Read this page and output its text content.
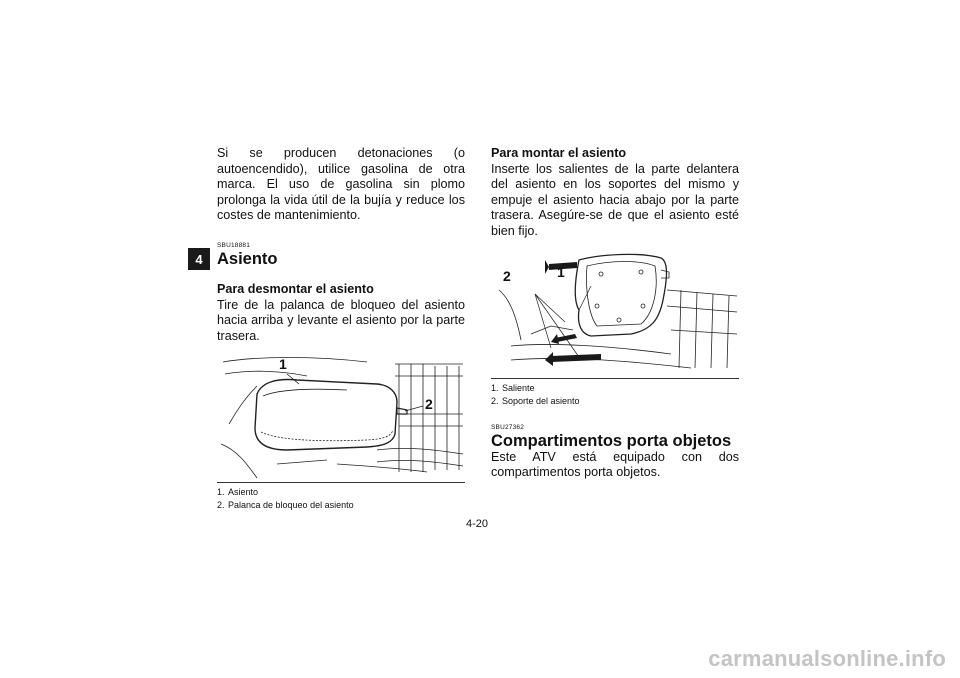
4

Si se producen detonaciones (o autoencendido), utilice gasolina de otra marca. El uso de gasolina sin plomo prolonga la vida útil de la bujía y reduce los costes de mantenimiento.

SBU18881

Asiento
Para desmontar el asiento

Tire de la palanca de bloqueo del asiento hacia arriba y levante el asiento por la parte trasera.

1
2

1. Asiento

2. Palanca de bloqueo del asiento

Para montar el asiento

Inserte los salientes de la parte delantera del asiento en los soportes del mismo y empuje el asiento hacia abajo por la parte trasera. Asegúre-se de que el asiento esté bien fijo.

2	1

1. Saliente

2. Soporte del asiento

SBU27362

Compartimentos porta objetos

Este ATV está equipado con dos compartimentos porta objetos.

4-20
carmanualsonline.info
